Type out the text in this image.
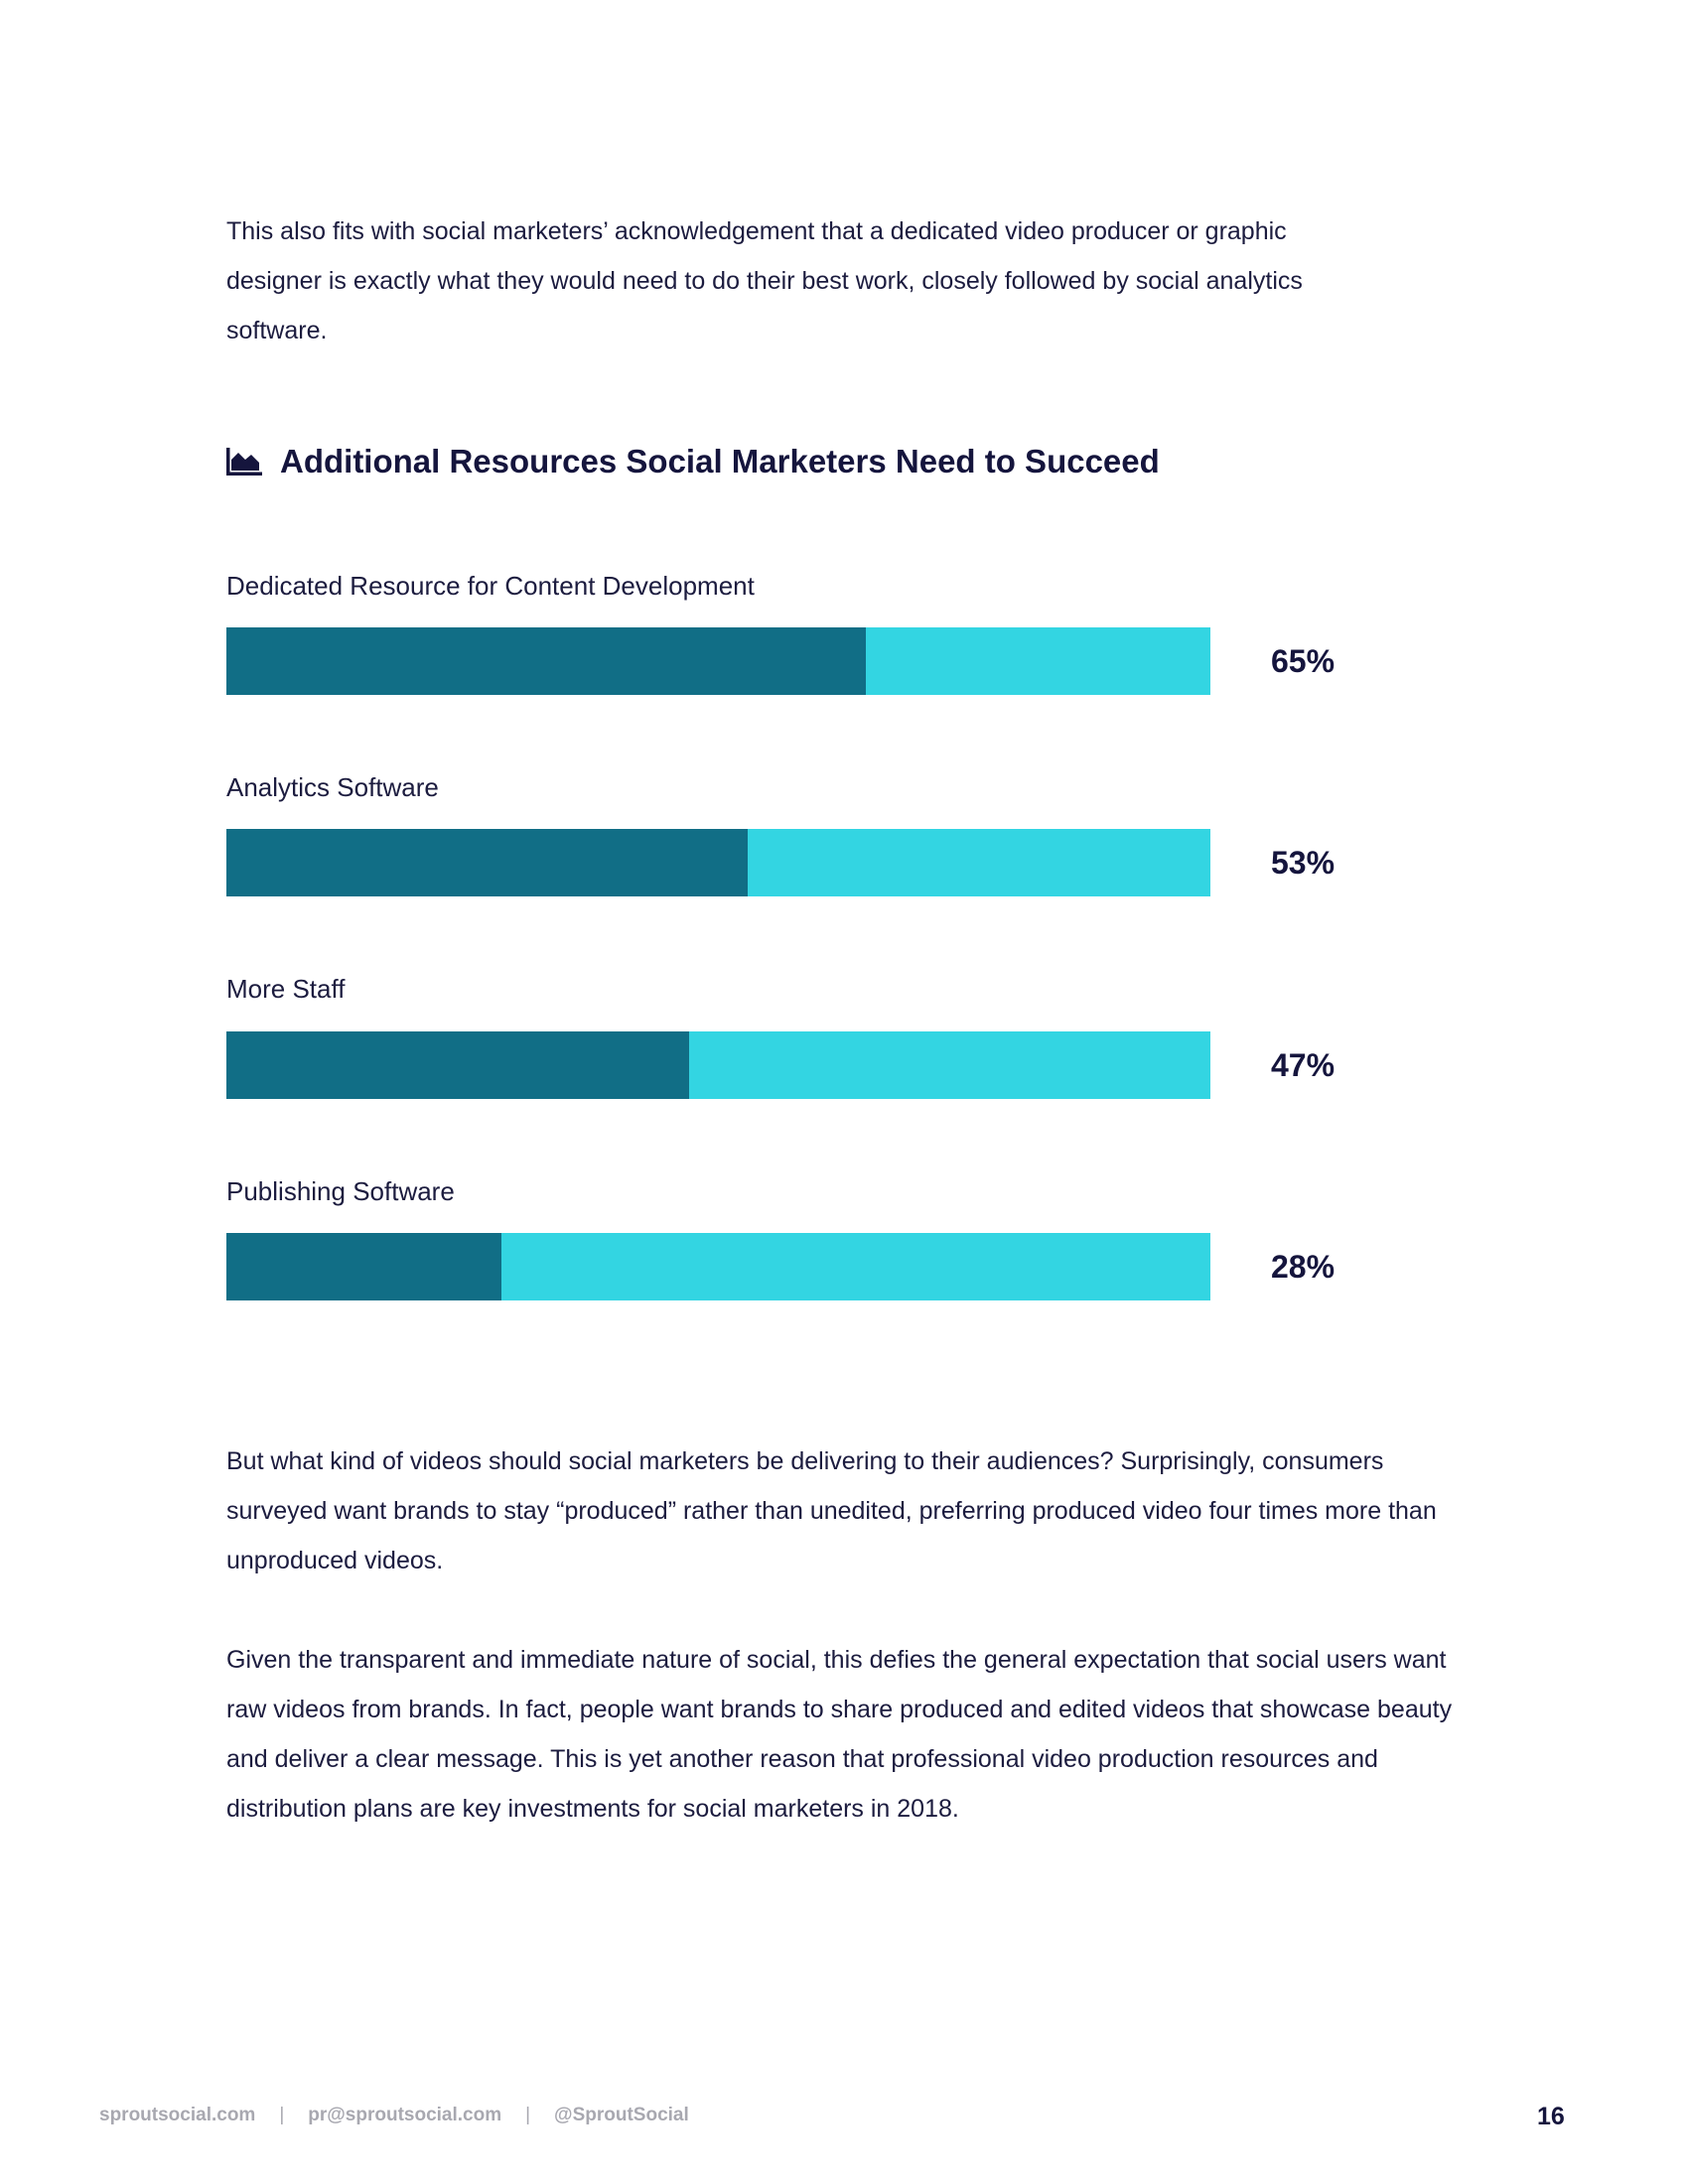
This also fits with social marketers’ acknowledgement that a dedicated video producer or graphic designer is exactly what they would need to do their best work, closely followed by social analytics software.

Additional Resources Social Marketers Need to Succeed
Dedicated Resource for Content Development
65%
Analytics Software
53%
More Staff
47%
Publishing Software
28%

But what kind of videos should social marketers be delivering to their audiences? Surprisingly, consumers surveyed want brands to stay “produced” rather than unedited, preferring produced video four times more than unproduced videos.

Given the transparent and immediate nature of social, this defies the general expectation that social users want raw videos from brands. In fact, people want brands to share produced and edited videos that showcase beauty and deliver a clear message. This is yet another reason that professional video production resources and distribution plans are key investments for social marketers in 2018.

sproutsocial.com | pr@sproutsocial.com | @SproutSocial	16
